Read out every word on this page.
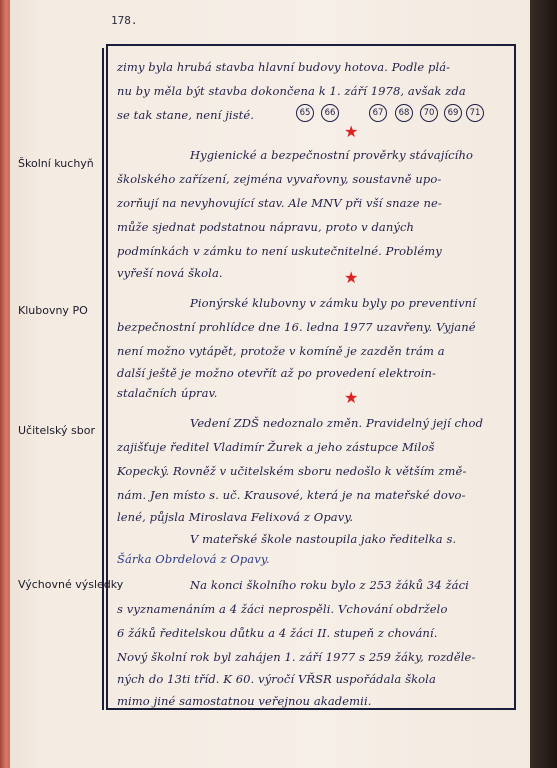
178.
Školní kuchyň
Klubovny PO
Učitelský sbor
Výchovné výsledky
zimy byla hrubá stavba hlavní budovy hotova. Podle plá-
nu by měla být stavba dokončena k 1. září 1978, avšak zda
se tak stane, není jisté.	65	66	67	68	70	69	71
★
Hygienické a bezpečnostní prověrky stávajícího
školského zařízení, zejména vyvařovny, soustavně upo-
zorňují na nevyhovující stav. Ale MNV při vší snaze ne-
může sjednat podstatnou nápravu, proto v daných
podmínkách v zámku to není uskutečnitelné. Problémy
vyřeší nová škola.	★
Pionýrské klubovny v zámku byly po preventivní
bezpečnostní prohlídce dne 16. ledna 1977 uzavřeny. Vyjané
není možno vytápět, protože v komíně je zazděn trám a
další ještě je možno otevřít až po provedení elektroin-
stalačních úprav.	★
Vedení ZDŠ nedoznalo změn. Pravidelný její chod
zajišťuje ředitel Vladimír Žurek a jeho zástupce Miloš
Kopecký. Rovněž v učitelském sboru nedošlo k větším změ-
nám. Jen místo s. uč. Krausové, která je na mateřské dovo-
lené, půjsla Miroslava Felixová z Opavy.
V mateřské škole nastoupila jako ředitelka s.
Šárka Obrdelová z Opavy.
Na konci školního roku bylo z 253 žáků 34 žáci
s vyznamenáním a 4 žáci neprospěli. Vchování obdrželo
6 žáků ředitelskou důtku a 4 žáci II. stupeň z chování.
Nový školní rok byl zahájen 1. září 1977 s 259 žáky, rozděle-
ných do 13ti tříd. K 60. výročí VŘSR uspořádala škola
mimo jiné samostatnou veřejnou akademii.
